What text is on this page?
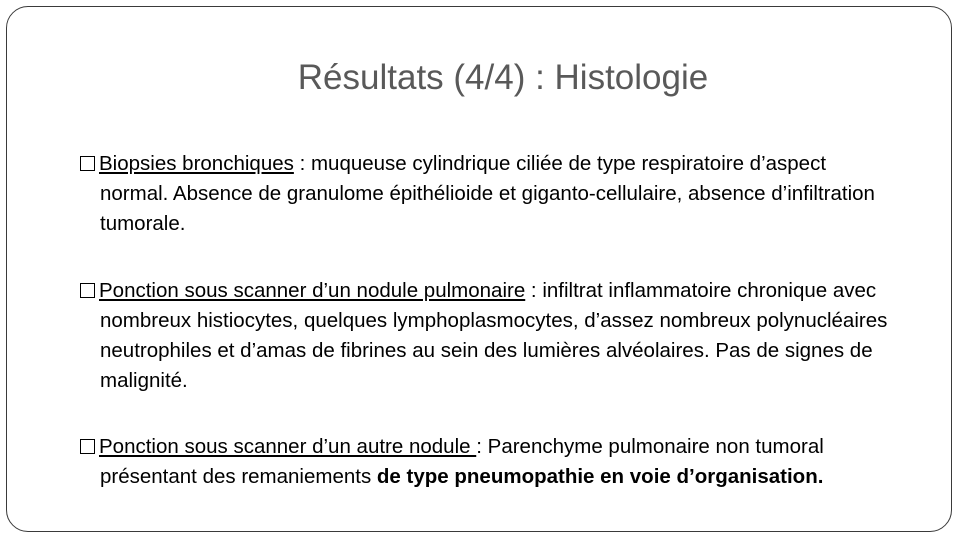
Résultats (4/4) : Histologie
Biopsies bronchiques : muqueuse cylindrique ciliée de type respiratoire d’aspect normal. Absence de granulome épithélioide et giganto-cellulaire, absence d’infiltration tumorale.
Ponction sous scanner d’un nodule pulmonaire : infiltrat inflammatoire chronique avec nombreux histiocytes, quelques lymphoplasmocytes, d’assez nombreux polynucléaires neutrophiles et d’amas de fibrines au sein des lumières alvéolaires. Pas de signes de malignité.
Ponction sous scanner d’un autre nodule : Parenchyme pulmonaire non tumoral présentant des remaniements de type pneumopathie en voie d’organisation.
